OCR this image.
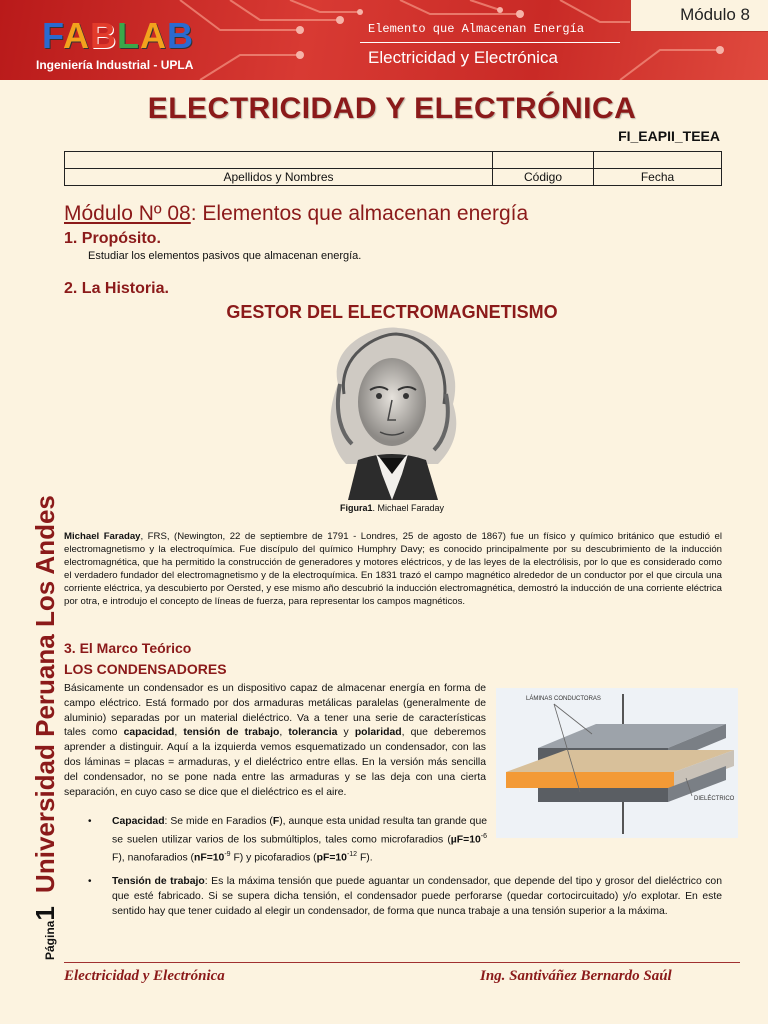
FABLAB
Ingeniería Industrial - UPLA
Elemento que Almacenan Energía
Electricidad y Electrónica
Módulo 8
Página1 Universidad Peruana Los Andes
ELECTRICIDAD Y ELECTRÓNICA
FI_EAPII_TEEA

Apellidos y Nombres	Código	Fecha
Módulo Nº 08: Elementos que almacenan energía
1. Propósito.
Estudiar los elementos pasivos que almacenan energía.
2. La Historia.
GESTOR DEL ELECTROMAGNETISMO
Figura1. Michael Faraday
Michael Faraday, FRS, (Newington, 22 de septiembre de 1791 - Londres, 25 de agosto de 1867) fue un físico y químico británico que estudió el electromagnetismo y la electroquímica. Fue discípulo del químico Humphry Davy; es conocido principalmente por su descubrimiento de la inducción electromagnética, que ha permitido la construcción de generadores y motores eléctricos, y de las leyes de la electrólisis, por lo que es considerado como el verdadero fundador del electromagnetismo y de la electroquímica. En 1831 trazó el campo magnético alrededor de un conductor por el que circula una corriente eléctrica, ya descubierto por Oersted, y ese mismo año descubrió la inducción electromagnética, demostró la inducción de una corriente eléctrica por otra, e introdujo el concepto de líneas de fuerza, para representar los campos magnéticos.
3. El Marco Teórico
LOS CONDENSADORES
Básicamente un condensador es un dispositivo capaz de almacenar energía en forma de campo eléctrico. Está formado por dos armaduras metálicas paralelas (generalmente de aluminio) separadas por un material dieléctrico. Va a tener una serie de características tales como capacidad, tensión de trabajo, tolerancia y polaridad, que deberemos aprender a distinguir. Aquí a la izquierda vemos esquematizado un condensador, con las dos láminas = placas = armaduras, y el dieléctrico entre ellas. En la versión más sencilla del condensador, no se pone nada entre las armaduras y se las deja con una cierta separación, en cuyo caso se dice que el dieléctrico es el aire.
LÁMINAS CONDUCTORAS
DIELÉCTRICO
• Capacidad: Se mide en Faradios (F), aunque esta unidad resulta tan grande que se suelen utilizar varios de los submúltiplos, tales como microfaradios ($\mu F=10^{-6}$ F), nanofaradios ($nF=10^{-9}$ F) y picofaradios ($pF=10^{-12}$ F).
• Tensión de trabajo: Es la máxima tensión que puede aguantar un condensador, que depende del tipo y grosor del dieléctrico con que esté fabricado. Si se supera dicha tensión, el condensador puede perforarse (quedar cortocircuitado) y/o explotar. En este sentido hay que tener cuidado al elegir un condensador, de forma que nunca trabaje a una tensión superior a la máxima.
Electricidad y Electrónica	Ing. Santiváñez Bernardo Saúl
